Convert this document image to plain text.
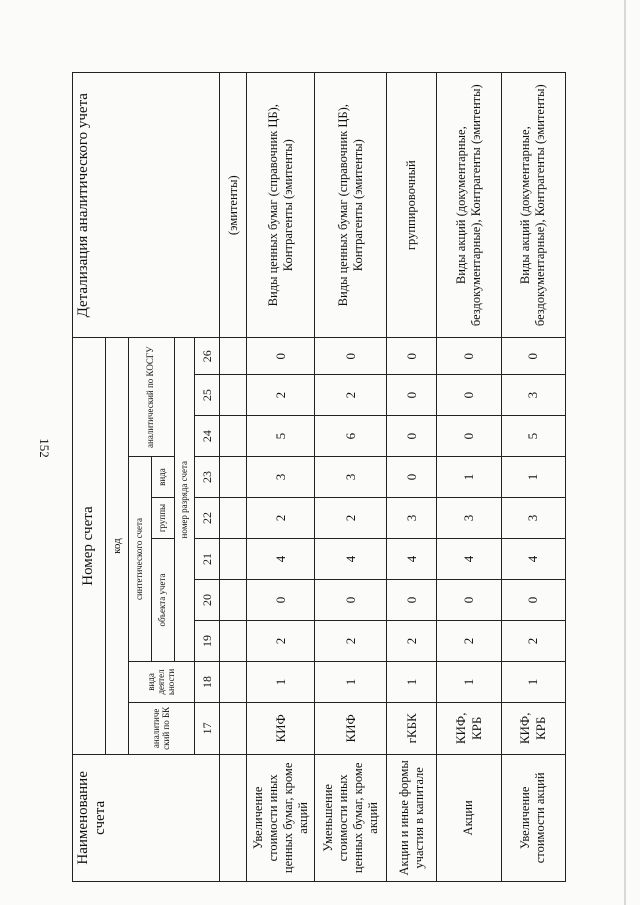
152
Наименование счета	Номер счета										Детализация аналитического учета
	код										
	аналитиче ский по БК	вида деятел ьности	синтетического счета					аналитический по КОСГУ			
			объекта учета			группы	вида				
			номер разряда счета								
	17	18	19	20	21	22	23	24	25	26	
											(эмитенты)
Увеличение стоимости иных ценных бумаг, кроме акций	КИФ	1	2	0	4	2	3	5	2	0	Виды ценных бумаг (справочник ЦБ), Контрагенты (эмитенты)
Уменьшение стоимости иных ценных бумаг, кроме акций	КИФ	1	2	0	4	2	3	6	2	0	Виды ценных бумаг (справочник ЦБ), Контрагенты (эмитенты)
Акции и иные формы участия в капитале	гКБК	1	2	0	4	3	0	0	0	0	группировочный
Акции	КИФ, КРБ	1	2	0	4	3	1	0	0	0	Виды акций (документарные, бездокументарные), Контрагенты (эмитенты)
Увеличение стоимости акций	КИФ, КРБ	1	2	0	4	3	1	5	3	0	Виды акций (документарные, бездокументарные), Контрагенты (эмитенты)
